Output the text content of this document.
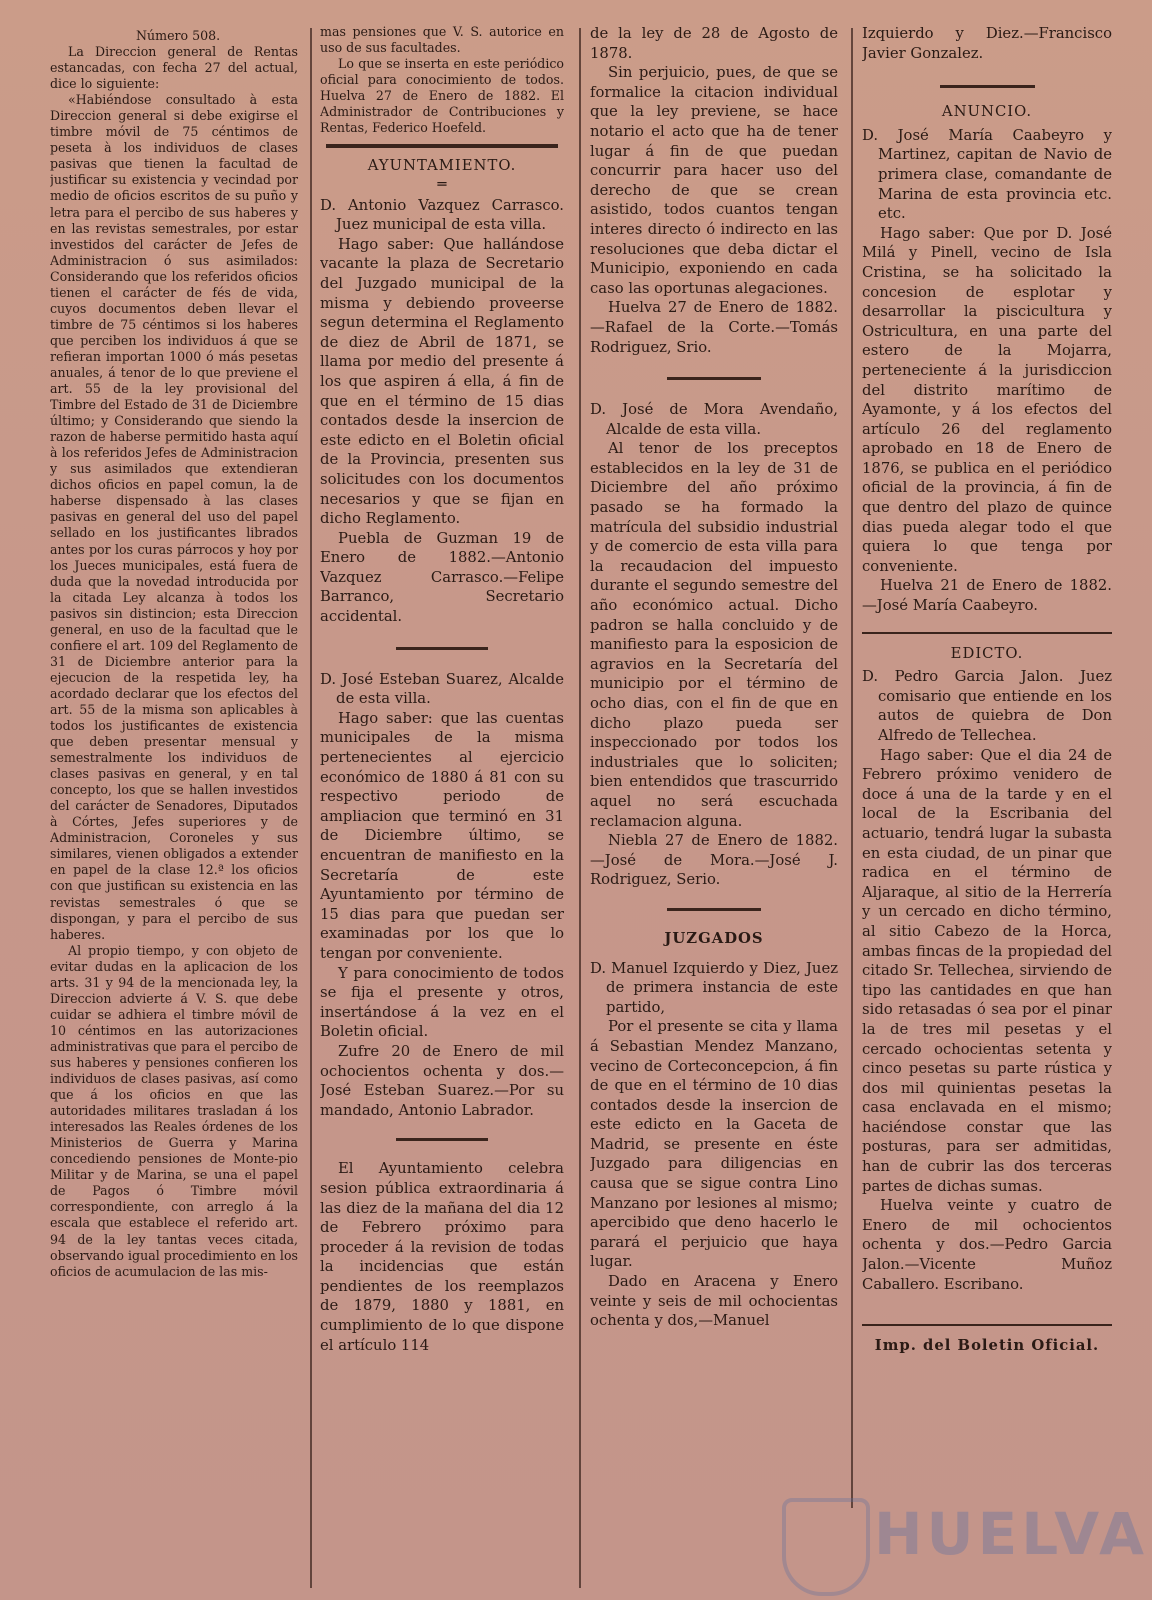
Número 508.

La Direccion general de Rentas estancadas, con fecha 27 del actual, dice lo siguiente:

«Habiéndose consultado à esta Direccion general si debe exigirse el timbre móvil de 75 céntimos de peseta à los individuos de clases pasivas que tienen la facultad de justificar su existencia y vecindad por medio de oficios escritos de su puño y letra para el percibo de sus haberes y en las revistas semestrales, por estar investidos del carácter de Jefes de Administracion ó sus asimilados: Considerando que los referidos oficios tienen el carácter de fés de vida, cuyos documentos deben llevar el timbre de 75 céntimos si los haberes que perciben los individuos á que se refieran importan 1000 ó más pesetas anuales, á tenor de lo que previene el art. 55 de la ley provisional del Timbre del Estado de 31 de Diciembre último; y Considerando que siendo la razon de haberse permitido hasta aquí à los referidos Jefes de Administracion y sus asimilados que extendieran dichos oficios en papel comun, la de haberse dispensado à las clases pasivas en general del uso del papel sellado en los justificantes librados antes por los curas párrocos y hoy por los Jueces municipales, está fuera de duda que la novedad introducida por la citada Ley alcanza à todos los pasivos sin distincion; esta Direccion general, en uso de la facultad que le confiere el art. 109 del Reglamento de 31 de Diciembre anterior para la ejecucion de la respetida ley, ha acordado declarar que los efectos del art. 55 de la misma son aplicables à todos los justificantes de existencia que deben presentar mensual y semestralmente los individuos de clases pasivas en general, y en tal concepto, los que se hallen investidos del carácter de Senadores, Diputados à Córtes, Jefes superiores y de Administracion, Coroneles y sus similares, vienen obligados a extender en papel de la clase 12.ª los oficios con que justifican su existencia en las revistas semestrales ó que se dispongan, y para el percibo de sus haberes.

Al propio tiempo, y con objeto de evitar dudas en la aplicacion de los arts. 31 y 94 de la mencionada ley, la Direccion advierte á V. S. que debe cuidar se adhiera el timbre móvil de 10 céntimos en las autorizaciones administrativas que para el percibo de sus haberes y pensiones confieren los individuos de clases pasivas, así como que á los oficios en que las autoridades militares trasladan á los interesados las Reales órdenes de los Ministerios de Guerra y Marina concediendo pensiones de Monte-pio Militar y de Marina, se una el papel de Pagos ó Timbre móvil correspondiente, con arreglo á la escala que establece el referido art. 94 de la ley tantas veces citada, observando igual procedimiento en los oficios de acumulacion de las mis-

mas pensiones que V. S. autorice en uso de sus facultades.

Lo que se inserta en este periódico oficial para conocimiento de todos. Huelva 27 de Enero de 1882. El Administrador de Contribuciones y Rentas, Federico Hoefeld.

AYUNTAMIENTO.
═

D. Antonio Vazquez Carrasco. Juez municipal de esta villa.

Hago saber: Que hallándose vacante la plaza de Secretario del Juzgado municipal de la misma y debiendo proveerse segun determina el Reglamento de diez de Abril de 1871, se llama por medio del presente á los que aspiren á ella, á fin de que en el término de 15 dias contados desde la insercion de este edicto en el Boletin oficial de la Provincia, presenten sus solicitudes con los documentos necesarios y que se fijan en dicho Reglamento.

Puebla de Guzman 19 de Enero de 1882.—Antonio Vazquez Carrasco.—Felipe Barranco, Secretario accidental.

D. José Esteban Suarez, Alcalde de esta villa.

Hago saber: que las cuentas municipales de la misma pertenecientes al ejercicio económico de 1880 á 81 con su respectivo periodo de ampliacion que terminó en 31 de Diciembre último, se encuentran de manifiesto en la Secretaría de este Ayuntamiento por término de 15 dias para que puedan ser examinadas por los que lo tengan por conveniente.

Y para conocimiento de todos se fija el presente y otros, insertándose á la vez en el Boletin oficial.

Zufre 20 de Enero de mil ochocientos ochenta y dos.—José Esteban Suarez.—Por su mandado, Antonio Labrador.

El Ayuntamiento celebra sesion pública extraordinaria á las diez de la mañana del dia 12 de Febrero próximo para proceder á la revision de todas la incidencias que están pendientes de los reemplazos de 1879, 1880 y 1881, en cumplimiento de lo que dispone el artículo 114

de la ley de 28 de Agosto de 1878.

Sin perjuicio, pues, de que se formalice la citacion individual que la ley previene, se hace notario el acto que ha de tener lugar á fin de que puedan concurrir para hacer uso del derecho de que se crean asistido, todos cuantos tengan interes directo ó indirecto en las resoluciones que deba dictar el Municipio, exponiendo en cada caso las oportunas alegaciones.

Huelva 27 de Enero de 1882.—Rafael de la Corte.—Tomás Rodriguez, Srio.

D. José de Mora Avendaño, Alcalde de esta villa.

Al tenor de los preceptos establecidos en la ley de 31 de Diciembre del año próximo pasado se ha formado la matrícula del subsidio industrial y de comercio de esta villa para la recaudacion del impuesto durante el segundo semestre del año económico actual. Dicho padron se halla concluido y de manifiesto para la esposicion de agravios en la Secretaría del municipio por el término de ocho dias, con el fin de que en dicho plazo pueda ser inspeccionado por todos los industriales que lo soliciten; bien entendidos que trascurrido aquel no será escuchada reclamacion alguna.

Niebla 27 de Enero de 1882.—José de Mora.—José J. Rodriguez, Serio.

JUZGADOS

D. Manuel Izquierdo y Diez, Juez de primera instancia de este partido,

Por el presente se cita y llama á Sebastian Mendez Manzano, vecino de Corteconcepcion, á fin de que en el término de 10 dias contados desde la insercion de este edicto en la Gaceta de Madrid, se presente en éste Juzgado para diligencias en causa que se sigue contra Lino Manzano por lesiones al mismo; apercibido que deno hacerlo le parará el perjuicio que haya lugar.

Dado en Aracena y Enero veinte y seis de mil ochocientas ochenta y dos,—Manuel

Izquierdo y Diez.—Francisco Javier Gonzalez.

ANUNCIO.

D. José María Caabeyro y Martinez, capitan de Navio de primera clase, comandante de Marina de esta provincia etc. etc.

Hago saber: Que por D. José Milá y Pinell, vecino de Isla Cristina, se ha solicitado la concesion de esplotar y desarrollar la piscicultura y Ostricultura, en una parte del estero de la Mojarra, perteneciente á la jurisdiccion del distrito marítimo de Ayamonte, y á los efectos del artículo 26 del reglamento aprobado en 18 de Enero de 1876, se publica en el periódico oficial de la provincia, á fin de que dentro del plazo de quince dias pueda alegar todo el que quiera lo que tenga por conveniente.

Huelva 21 de Enero de 1882.—José María Caabeyro.

EDICTO.

D. Pedro Garcia Jalon. Juez comisario que entiende en los autos de quiebra de Don Alfredo de Tellechea.

Hago saber: Que el dia 24 de Febrero próximo venidero de doce á una de la tarde y en el local de la Escribania del actuario, tendrá lugar la subasta en esta ciudad, de un pinar que radica en el término de Aljaraque, al sitio de la Herrería y un cercado en dicho término, al sitio Cabezo de la Horca, ambas fincas de la propiedad del citado Sr. Tellechea, sirviendo de tipo las cantidades en que han sido retasadas ó sea por el pinar la de tres mil pesetas y el cercado ochocientas setenta y cinco pesetas su parte rústica y dos mil quinientas pesetas la casa enclavada en el mismo; haciéndose constar que las posturas, para ser admitidas, han de cubrir las dos terceras partes de dichas sumas.

Huelva veinte y cuatro de Enero de mil ochocientos ochenta y dos.—Pedro Garcia Jalon.—Vicente Muñoz Caballero. Escribano.

Imp. del Boletin Oficial.
HUELVA
